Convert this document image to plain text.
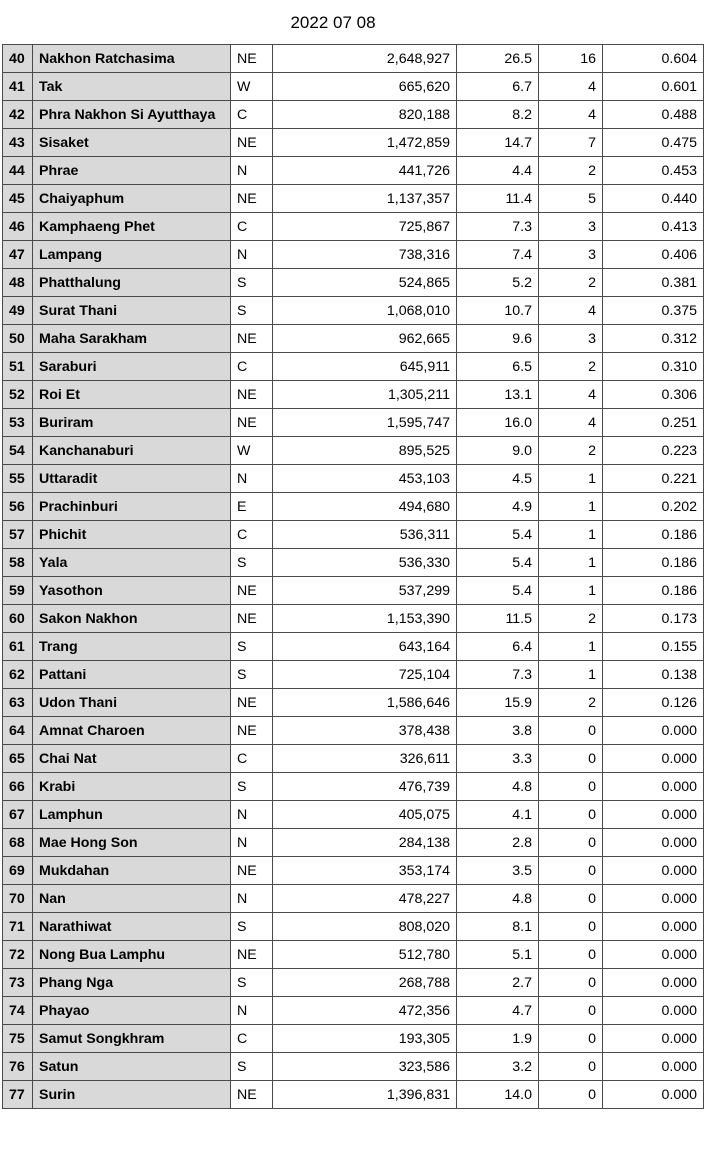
2022 07 08
40	Nakhon Ratchasima	NE	2,648,927	26.5	16	0.604
41	Tak	W	665,620	6.7	4	0.601
42	Phra Nakhon Si Ayutthaya	C	820,188	8.2	4	0.488
43	Sisaket	NE	1,472,859	14.7	7	0.475
44	Phrae	N	441,726	4.4	2	0.453
45	Chaiyaphum	NE	1,137,357	11.4	5	0.440
46	Kamphaeng Phet	C	725,867	7.3	3	0.413
47	Lampang	N	738,316	7.4	3	0.406
48	Phatthalung	S	524,865	5.2	2	0.381
49	Surat Thani	S	1,068,010	10.7	4	0.375
50	Maha Sarakham	NE	962,665	9.6	3	0.312
51	Saraburi	C	645,911	6.5	2	0.310
52	Roi Et	NE	1,305,211	13.1	4	0.306
53	Buriram	NE	1,595,747	16.0	4	0.251
54	Kanchanaburi	W	895,525	9.0	2	0.223
55	Uttaradit	N	453,103	4.5	1	0.221
56	Prachinburi	E	494,680	4.9	1	0.202
57	Phichit	C	536,311	5.4	1	0.186
58	Yala	S	536,330	5.4	1	0.186
59	Yasothon	NE	537,299	5.4	1	0.186
60	Sakon Nakhon	NE	1,153,390	11.5	2	0.173
61	Trang	S	643,164	6.4	1	0.155
62	Pattani	S	725,104	7.3	1	0.138
63	Udon Thani	NE	1,586,646	15.9	2	0.126
64	Amnat Charoen	NE	378,438	3.8	0	0.000
65	Chai Nat	C	326,611	3.3	0	0.000
66	Krabi	S	476,739	4.8	0	0.000
67	Lamphun	N	405,075	4.1	0	0.000
68	Mae Hong Son	N	284,138	2.8	0	0.000
69	Mukdahan	NE	353,174	3.5	0	0.000
70	Nan	N	478,227	4.8	0	0.000
71	Narathiwat	S	808,020	8.1	0	0.000
72	Nong Bua Lamphu	NE	512,780	5.1	0	0.000
73	Phang Nga	S	268,788	2.7	0	0.000
74	Phayao	N	472,356	4.7	0	0.000
75	Samut Songkhram	C	193,305	1.9	0	0.000
76	Satun	S	323,586	3.2	0	0.000
77	Surin	NE	1,396,831	14.0	0	0.000
